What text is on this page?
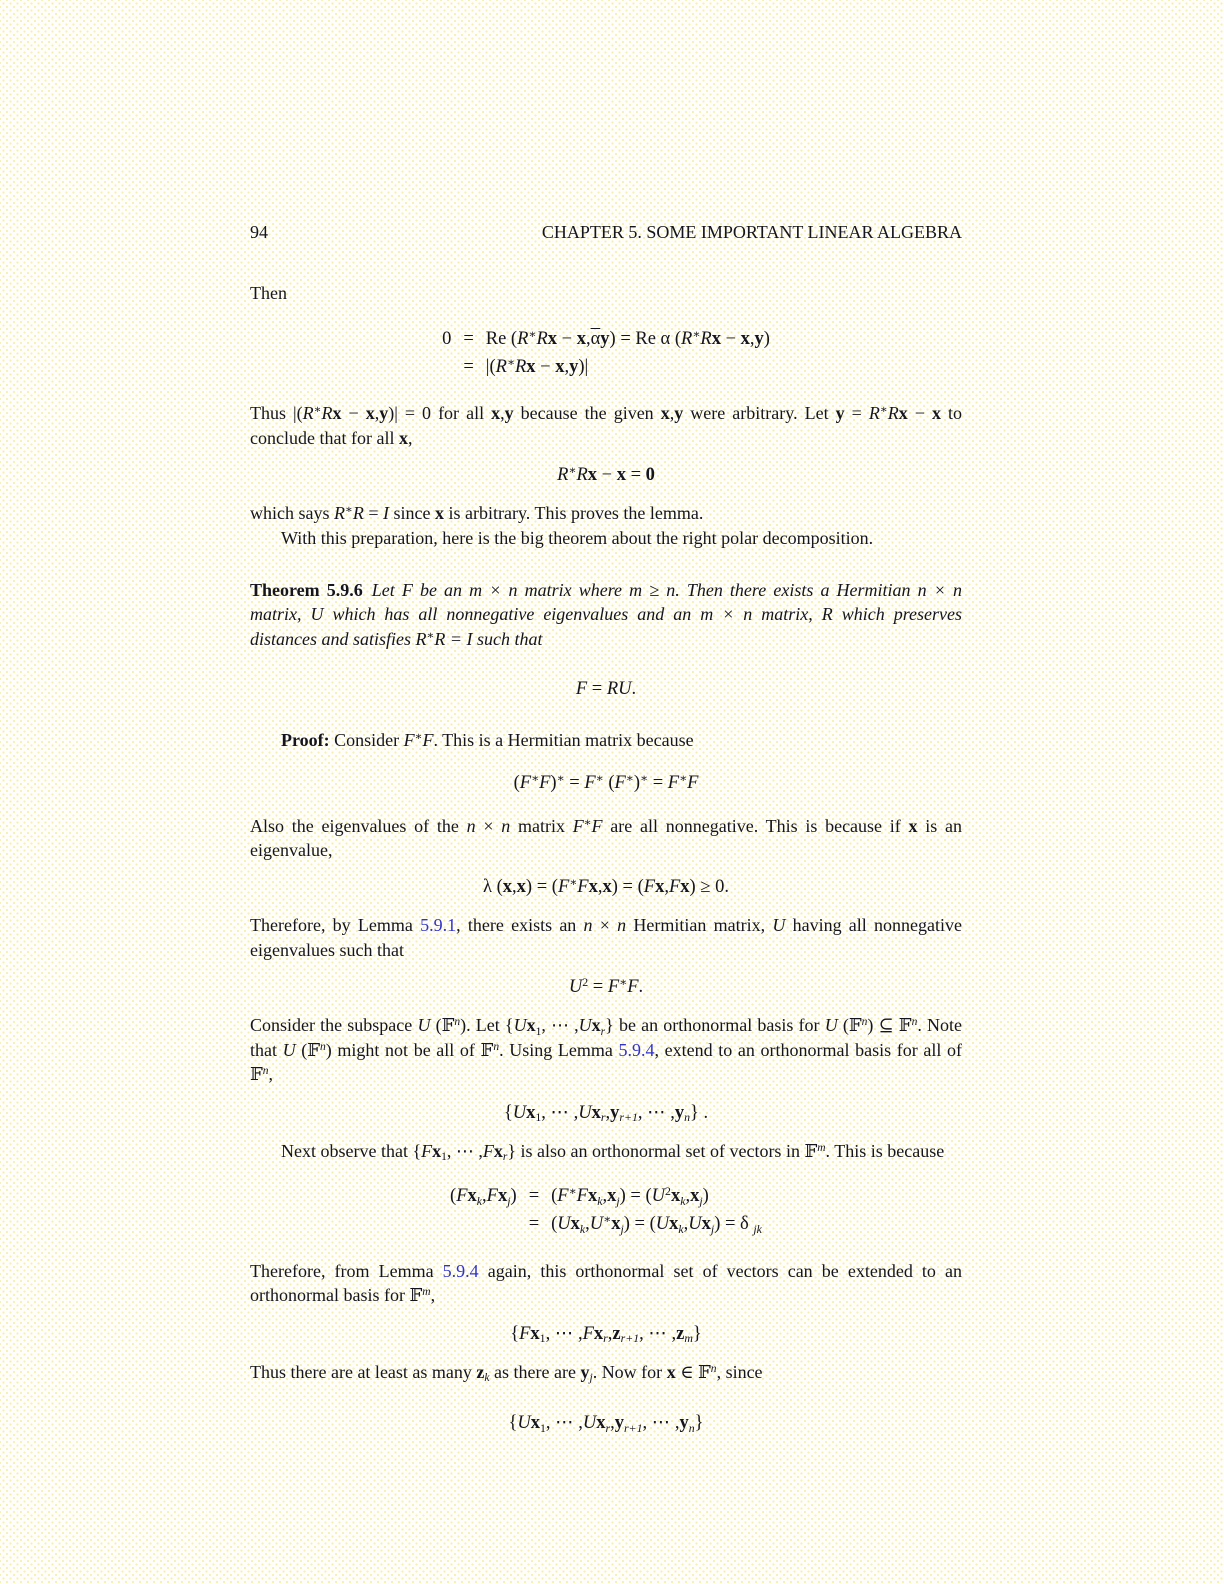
94	CHAPTER 5. SOME IMPORTANT LINEAR ALGEBRA

Then

0	=	Re $(R^∗Rx - x,\overline{\alpha}y) = Re$ α (R∗Rx − x,y)
	=	|(R∗Rx − x,y)|

Thus |(R∗Rx − x,y)| = 0 for all x,y because the given x,y were arbitrary. Let y = R∗Rx − x to conclude that for all x,

R∗Rx − x = 0

which says R∗R = I since x is arbitrary. This proves the lemma.

With this preparation, here is the big theorem about the right polar decomposition.

Theorem 5.9.6  Let F be an m × n matrix where m ≥ n. Then there exists a Hermitian n × n matrix, U which has all nonnegative eigenvalues and an m × n matrix, R which preserves distances and satisfies R∗R = I such that

F = RU.

Proof: Consider F∗F. This is a Hermitian matrix because

(F∗F)∗ = F∗ (F∗)∗ = F∗F

Also the eigenvalues of the n × n matrix F∗F are all nonnegative. This is because if x is an eigenvalue,

λ (x,x) = (F∗Fx,x) = (Fx,Fx) ≥ 0.

Therefore, by Lemma 5.9.1, there exists an n × n Hermitian matrix, U having all nonnegative eigenvalues such that

$U^2 = F^∗F$.

Consider the subspace U (𝔽$^n$). Let {Ux1, ⋯ ,Uxr} be an orthonormal basis for U (𝔽$^n$) ⊆ 𝔽$^n$. Note that U (𝔽$^n$) might not be all of 𝔽$^n$. Using Lemma 5.9.4, extend to an orthonormal basis for all of 𝔽$^n$,

{Ux1, ⋯ ,Uxr,yr+1, ⋯ ,yn} .

Next observe that {Fx1, ⋯ ,Fxr} is also an orthonormal set of vectors in 𝔽$^m$. This is because

(Fxk,Fxj)	=	$(F^∗Fxk,xj) = (U^2xk,xj)$
	=	(Uxk,U∗xj) = (Uxk,Uxj) = δ jk

Therefore, from Lemma 5.9.4 again, this orthonormal set of vectors can be extended to an orthonormal basis for 𝔽$^m$,

{Fx1, ⋯ ,Fxr,zr+1, ⋯ ,zm}

Thus there are at least as many zk as there are yj. Now for x ∈ 𝔽$^n$, since

{Ux1, ⋯ ,Uxr,yr+1, ⋯ ,yn}
